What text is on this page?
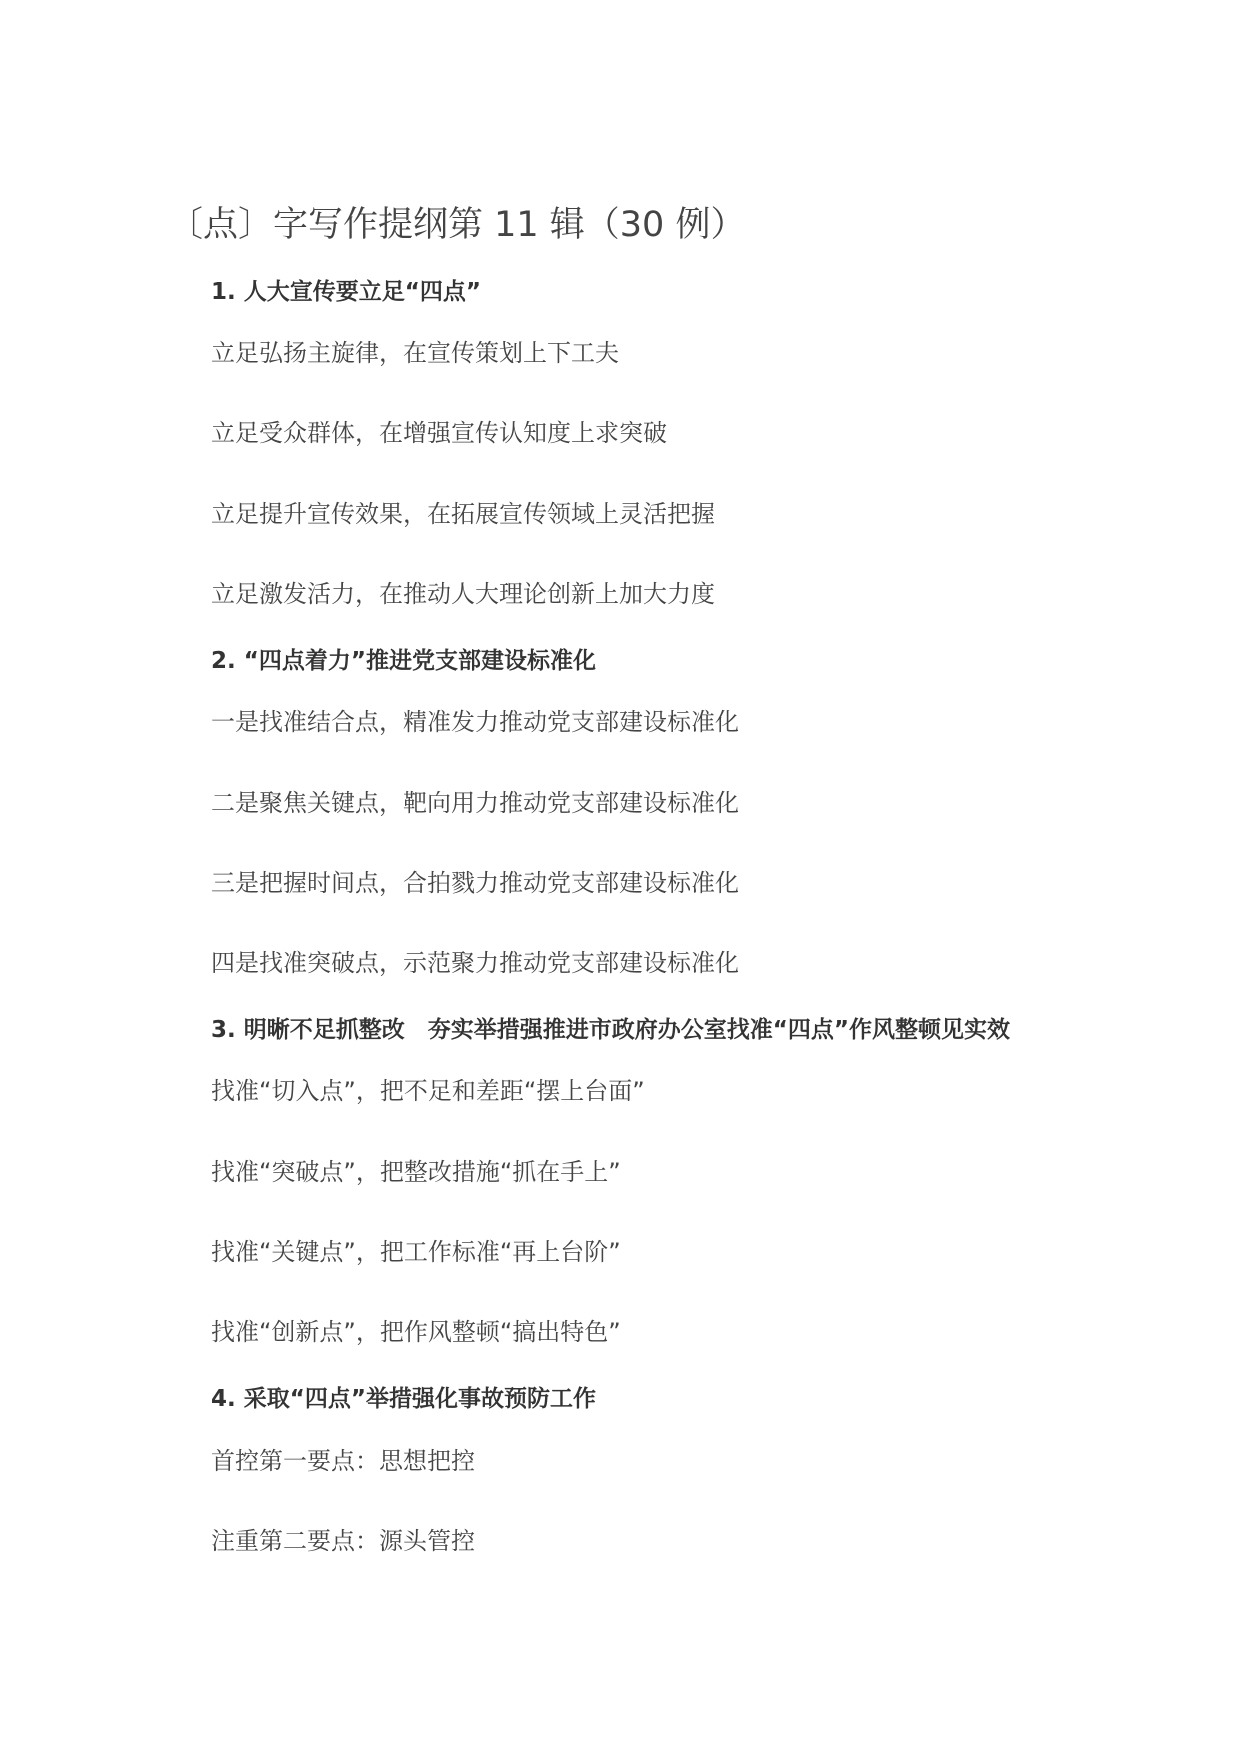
〔点〕字写作提纲第 11 辑（30 例）
1. 人大宣传要立足“四点”

立足弘扬主旋律，在宣传策划上下工夫

立足受众群体，在增强宣传认知度上求突破

立足提升宣传效果，在拓展宣传领域上灵活把握

立足激发活力，在推动人大理论创新上加大力度

2. “四点着力”推进党支部建设标准化

一是找准结合点，精准发力推动党支部建设标准化

二是聚焦关键点，靶向用力推动党支部建设标准化

三是把握时间点，合拍戮力推动党支部建设标准化

四是找准突破点，示范聚力推动党支部建设标准化

3. 明晰不足抓整改　夯实举措强推进市政府办公室找准“四点”作风整顿见实效

找准“切入点”，把不足和差距“摆上台面”

找准“突破点”，把整改措施“抓在手上”

找准“关键点”，把工作标准“再上台阶”

找准“创新点”，把作风整顿“搞出特色”

4. 采取“四点”举措强化事故预防工作

首控第一要点：思想把控

注重第二要点：源头管控
